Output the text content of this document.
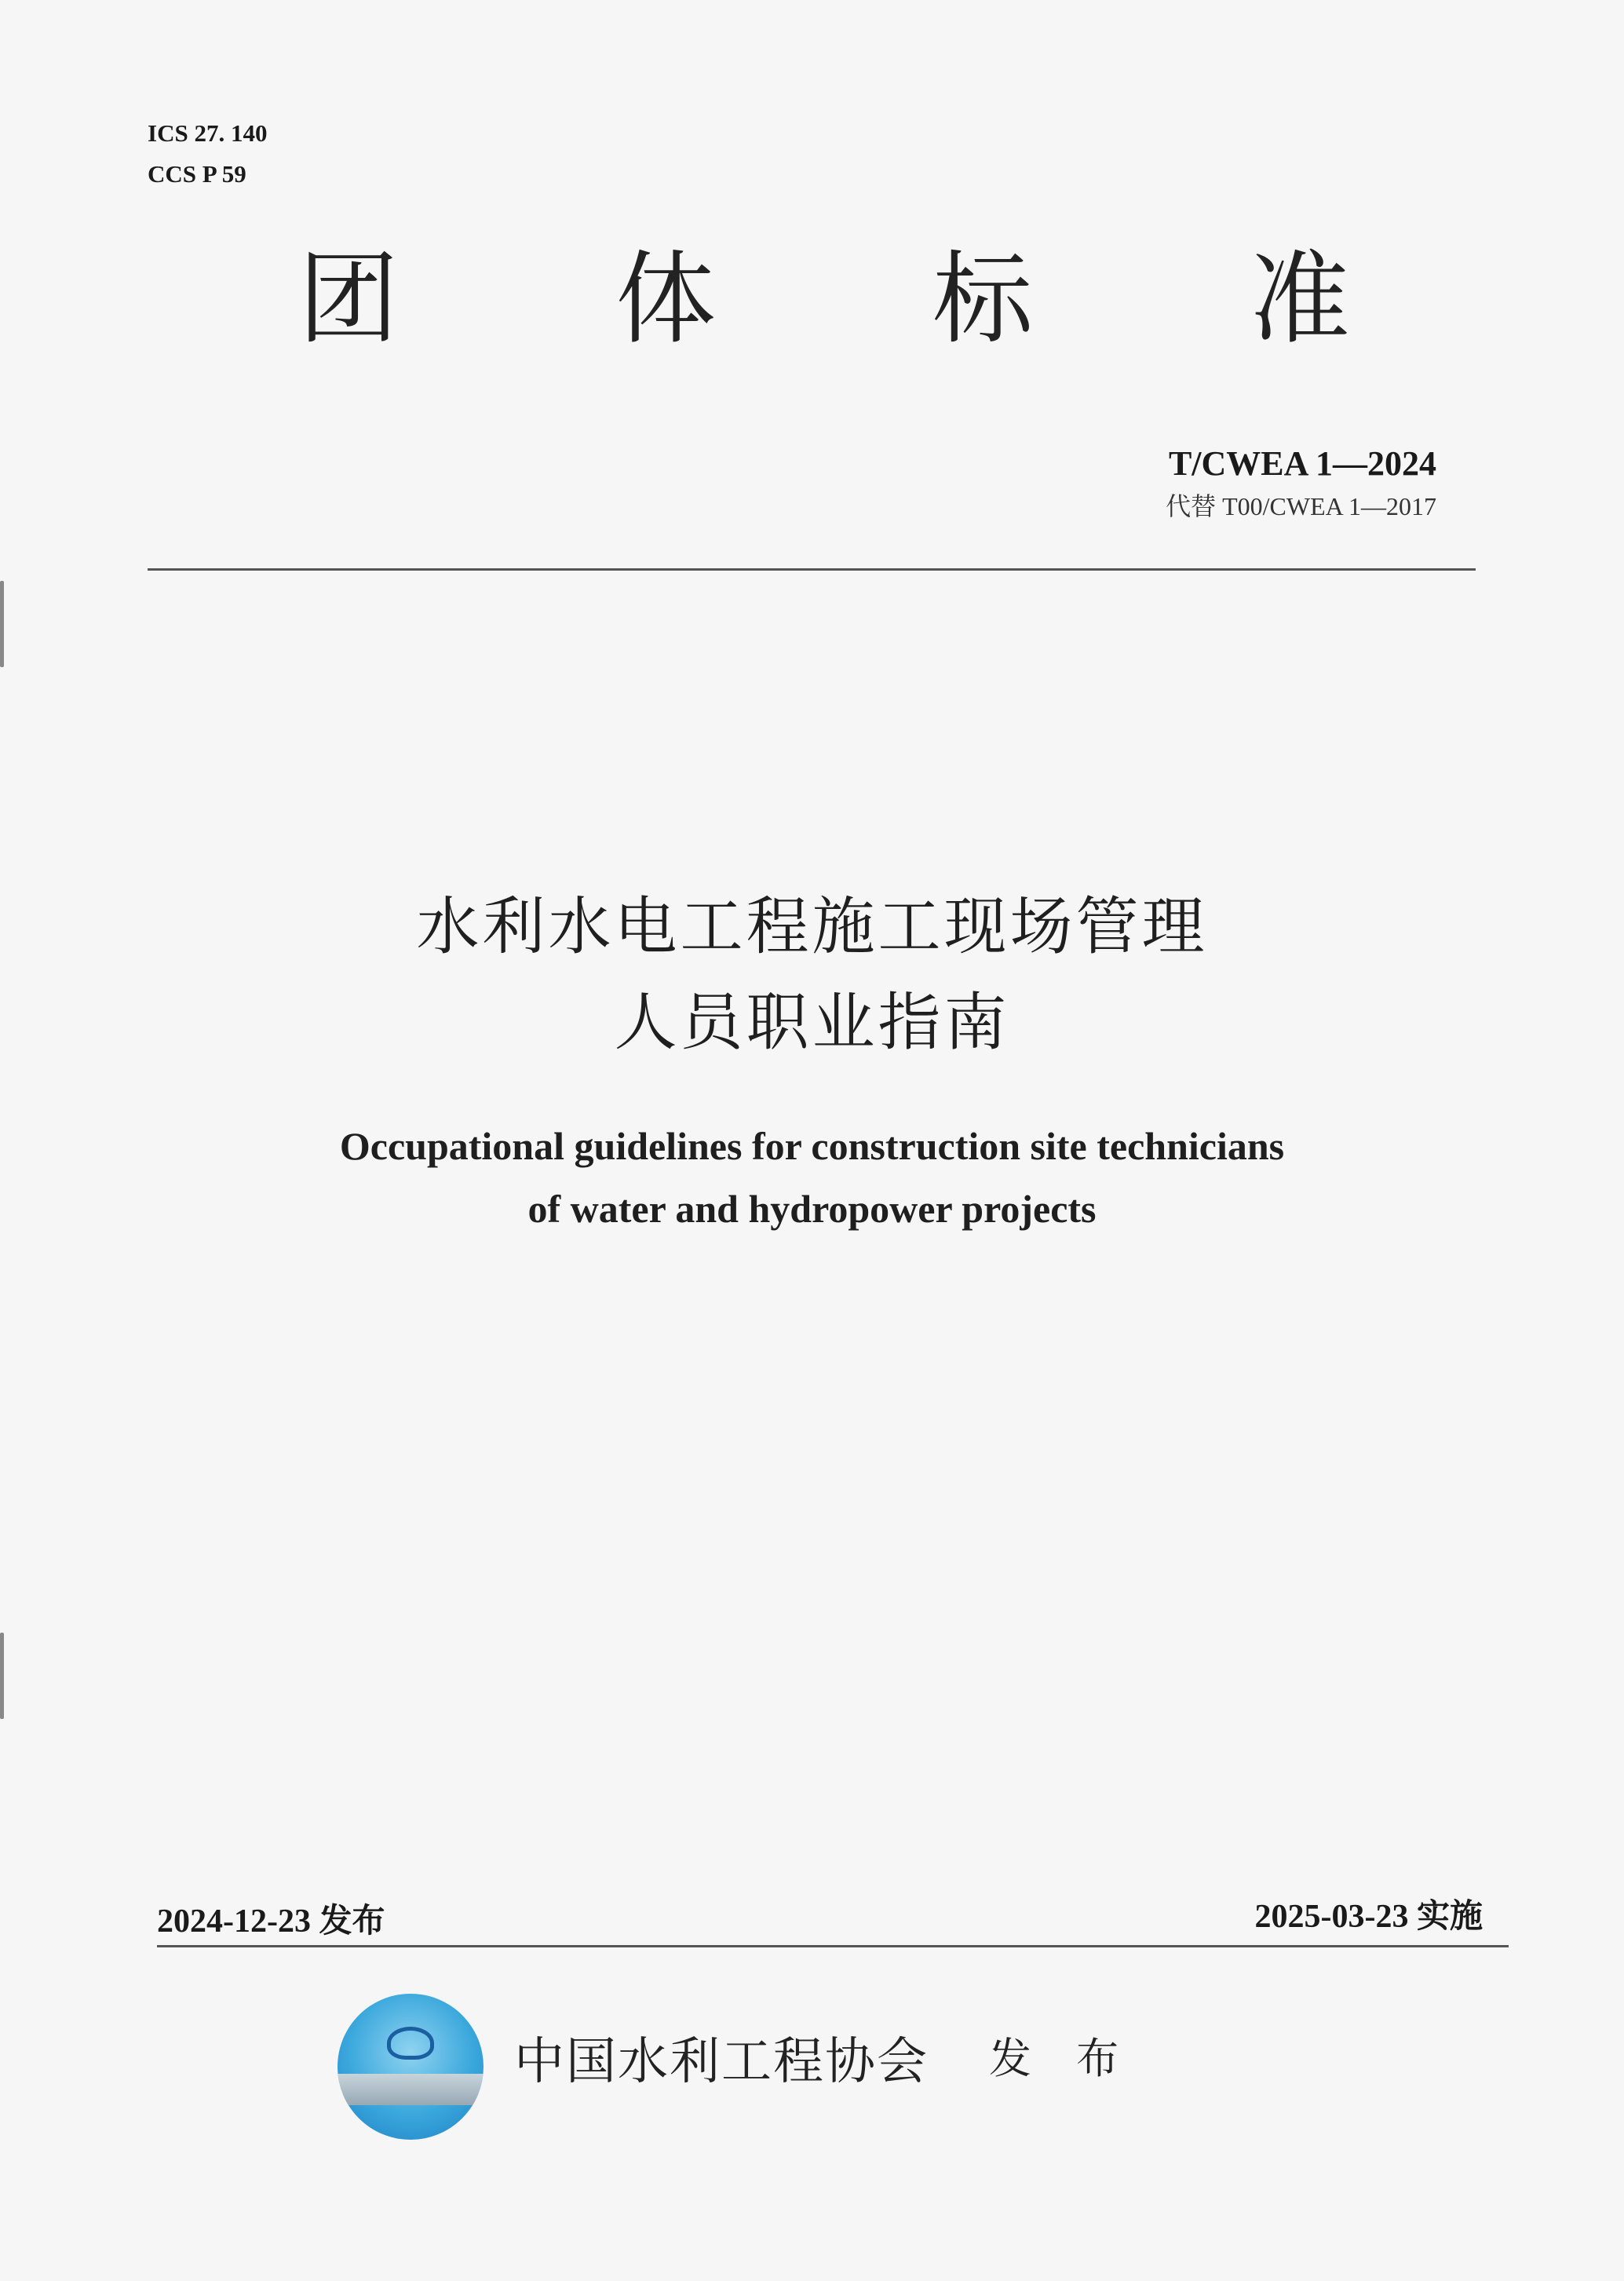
ICS 27. 140
CCS P 59
团 体 标 准
T/CWEA 1—2024
代替 T00/CWEA 1—2017
水利水电工程施工现场管理
人员职业指南
Occupational guidelines for construction site technicians
of water and hydropower projects
2024-12-23 发布	2025-03-23 实施
中国水利工程协会 发 布
